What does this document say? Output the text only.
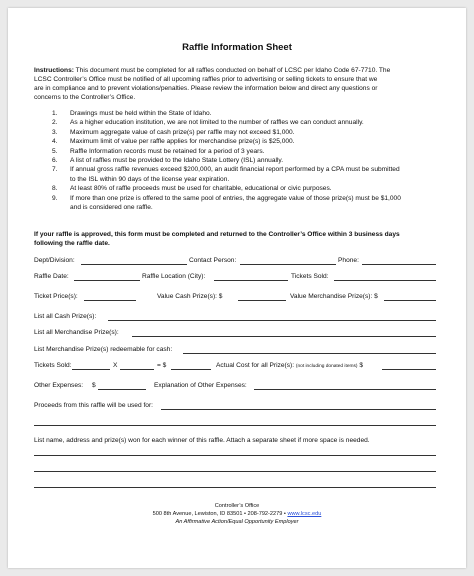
Raffle Information Sheet
Instructions: This document must be completed for all raffles conducted on behalf of LCSC per Idaho Code 67-7710. The
LCSC Controller’s Office must be notified of all upcoming raffles prior to advertising or selling tickets to ensure that we
are in compliance and to prevent violations/penalties. Please review the information below and direct any questions or
concerns to the Controller’s Office.
1. Drawings must be held within the State of Idaho.
2. As a higher education institution, we are not limited to the number of raffles we can conduct annually.
3. Maximum aggregate value of cash prize(s) per raffle may not exceed $1,000.
4. Maximum limit of value per raffle applies for merchandise prize(s) is $25,000.
5. Raffle Information records must be retained for a period of 3 years.
6. A list of raffles must be provided to the Idaho State Lottery (ISL) annually.
7. If annual gross raffle revenues exceed $200,000, an audit financial report performed by a CPA must be submitted
to the ISL within 90 days of the license year expiration.
8. At least 80% of raffle proceeds must be used for charitable, educational or civic purposes.
9. If more than one prize is offered to the same pool of entries, the aggregate value of those prize(s) must be $1,000
and is considered one raffle.
If your raffle is approved, this form must be completed and returned to the Controller’s Office within 3 business days
following the raffle date.
Dept/Division:	Contact Person:	Phone:
Raffle Date:	Raffle Location (City):	Tickets Sold:
Ticket Price(s):	Value Cash Prize(s): $	Value Merchandise Prize(s): $
List all Cash Prize(s):
List all Merchandise Prize(s):
List Merchandise Prize(s) redeemable for cash:
Tickets Sold:	X	= $	Actual Cost for all Prize(s): (not including donated items) $
Other Expenses: $	Explanation of Other Expenses:
Proceeds from this raffle will be used for:
List name, address and prize(s) won for each winner of this raffle. Attach a separate sheet if more space is needed.
Controller’s Office
500 8th Avenue, Lewiston, ID 83501 • 208-792-2279 • www.lcsc.edu
An Affirmative Action/Equal Opportunity Employer
